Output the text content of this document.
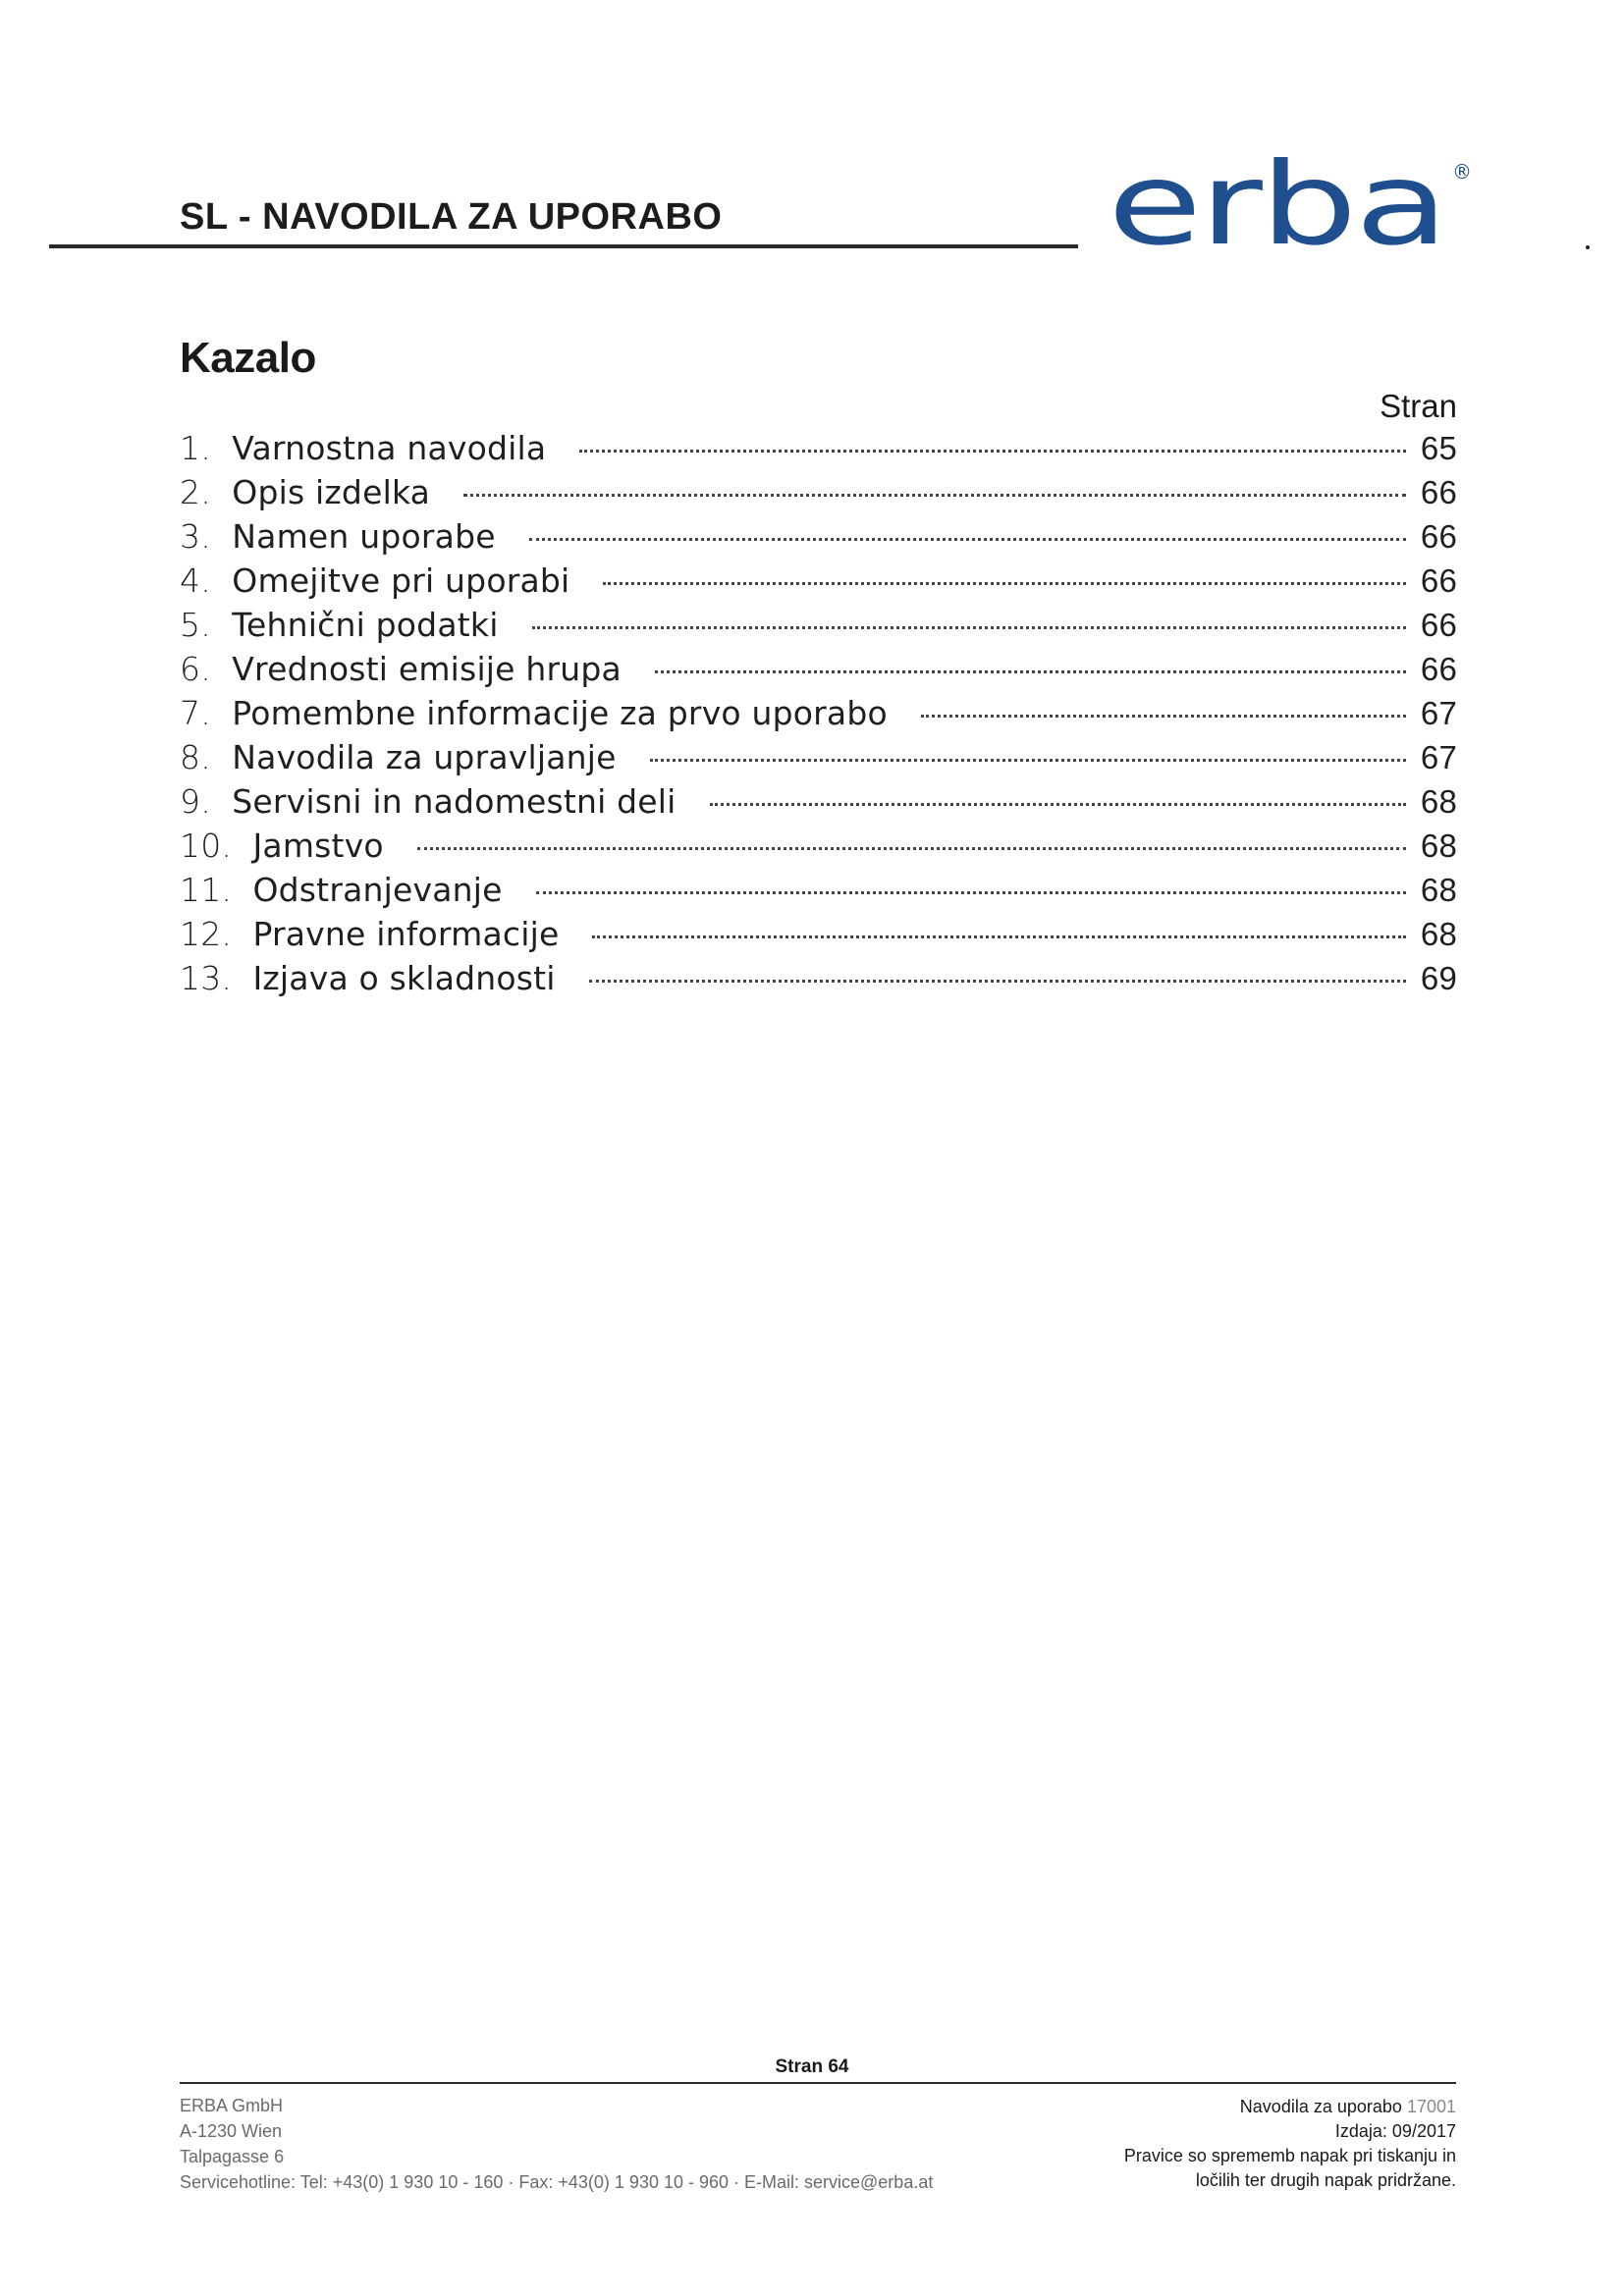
SL - NAVODILA ZA UPORABO	erba ®
Kazalo
Stran
1. Varnostna navodila	65
2. Opis izdelka	66
3. Namen uporabe	66
4. Omejitve pri uporabi	66
5. Tehnični podatki	66
6. Vrednosti emisije hrupa	66
7. Pomembne informacije za prvo uporabo	67
8. Navodila za upravljanje	67
9. Servisni in nadomestni deli	68
10. Jamstvo	68
11. Odstranjevanje	68
12. Pravne informacije	68
13. Izjava o skladnosti	69
Stran 64
ERBA GmbH
A-1230 Wien
Talpagasse 6
Servicehotline: Tel: +43(0) 1 930 10 - 160 · Fax: +43(0) 1 930 10 - 960 · E-Mail: service@erba.at
Navodila za uporabo 17001
Izdaja: 09/2017
Pravice so sprememb napak pri tiskanju in
ločilih ter drugih napak pridržane.
